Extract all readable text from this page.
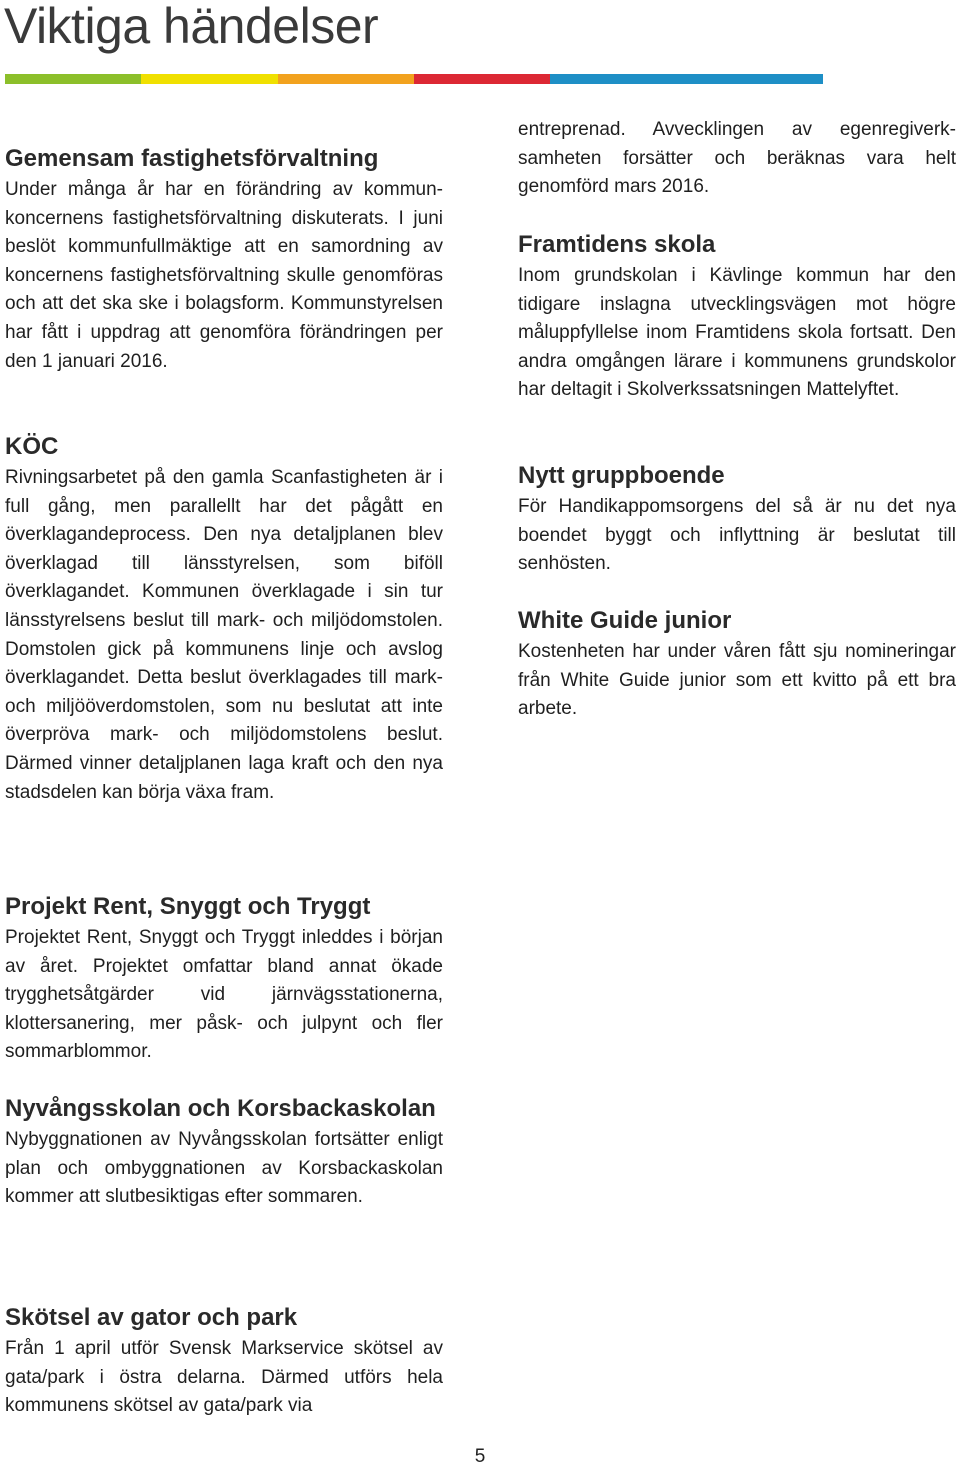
Viktiga händelser
Gemensam fastighetsförvaltning

Under många år har en förändring av kommunkoncernens fastighetsförvaltning diskuterats. I juni beslöt kommunfullmäktige att en samordning av koncernens fastighetsförvaltning skulle genomföras och att det ska ske i bolagsform. Kommunstyrelsen har fått i uppdrag att genomföra förändringen per den 1 januari 2016.

KÖC

Rivningsarbetet på den gamla Scanfastigheten är i full gång, men parallellt har det pågått en överklagandeprocess. Den nya detaljplanen blev överklagad till länsstyrelsen, som biföll överklagandet. Kommunen överklagade i sin tur länsstyrelsens beslut till mark- och miljödomstolen. Domstolen gick på kommunens linje och avslog överklagandet. Detta beslut överklagades till mark- och miljööverdomstolen, som nu beslutat att inte överpröva mark- och miljödomstolens beslut. Därmed vinner detaljplanen laga kraft och den nya stadsdelen kan börja växa fram.

Projekt Rent, Snyggt och Tryggt

Projektet Rent, Snyggt och Tryggt inleddes i början av året. Projektet omfattar bland annat ökade trygghetsåtgärder vid järnvägsstationerna, klottersanering, mer påsk- och julpynt och fler sommarblommor.

Nyvångsskolan och Korsbackaskolan

Nybyggnationen av Nyvångsskolan fortsätter enligt plan och ombyggnationen av Korsbackaskolan kommer att slutbesiktigas efter sommaren.

Skötsel av gator och park

Från 1 april utför Svensk Markservice skötsel av gata/park i östra delarna. Därmed utförs hela kommunens skötsel av gata/park via

entreprenad. Avvecklingen av egenregiverksamheten forsätter och beräknas vara helt genomförd mars 2016.

Framtidens skola

Inom grundskolan i Kävlinge kommun har den tidigare inslagna utvecklingsvägen mot högre måluppfyllelse inom Framtidens skola fortsatt. Den andra omgången lärare i kommunens grundskolor har deltagit i Skolverkssatsningen Mattelyftet.

Nytt gruppboende

För Handikappomsorgens del så är nu det nya boendet byggt och inflyttning är beslutat till senhösten.

White Guide junior

Kostenheten har under våren fått sju nomineringar från White Guide junior som ett kvitto på ett bra arbete.

5
